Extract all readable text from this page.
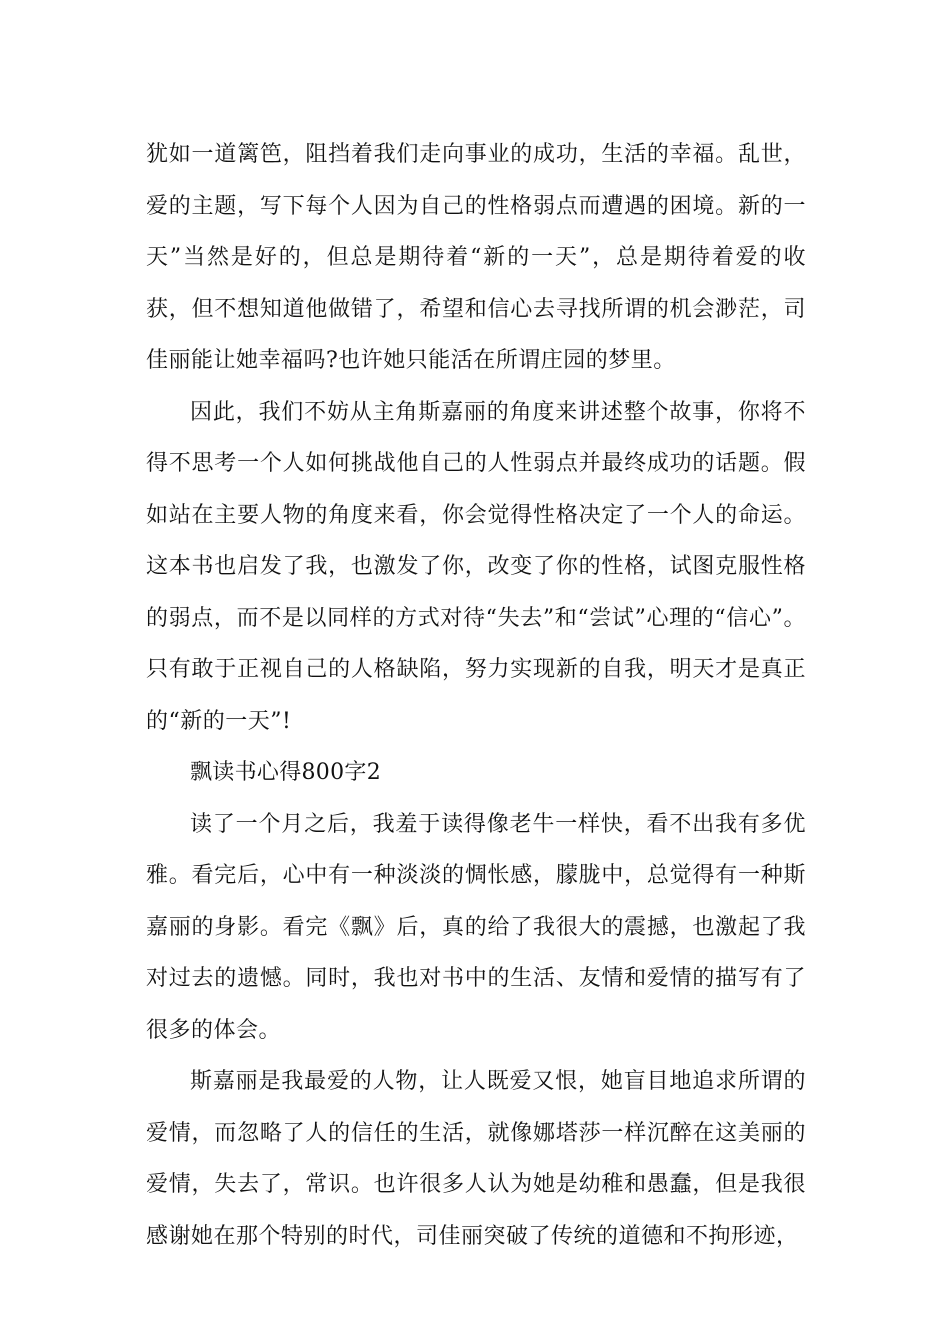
犹如一道篱笆，阻挡着我们走向事业的成功，生活的幸福。乱世，爱的主题，写下每个人因为自己的性格弱点而遭遇的困境。新的一天”当然是好的，但总是期待着“新的一天”，总是期待着爱的收获，但不想知道他做错了，希望和信心去寻找所谓的机会渺茫，司佳丽能让她幸福吗?也许她只能活在所谓庄园的梦里。

因此，我们不妨从主角斯嘉丽的角度来讲述整个故事，你将不得不思考一个人如何挑战他自己的人性弱点并最终成功的话题。假如站在主要人物的角度来看，你会觉得性格决定了一个人的命运。这本书也启发了我，也激发了你，改变了你的性格，试图克服性格的弱点，而不是以同样的方式对待“失去”和“尝试”心理的“信心”。只有敢于正视自己的人格缺陷，努力实现新的自我，明天才是真正的“新的一天”!

飘读书心得800字2

读了一个月之后，我羞于读得像老牛一样快，看不出我有多优雅。看完后，心中有一种淡淡的惆怅感，朦胧中，总觉得有一种斯嘉丽的身影。看完《飘》后，真的给了我很大的震撼，也激起了我对过去的遗憾。同时，我也对书中的生活、友情和爱情的描写有了很多的体会。

斯嘉丽是我最爱的人物，让人既爱又恨，她盲目地追求所谓的爱情，而忽略了人的信任的生活，就像娜塔莎一样沉醉在这美丽的爱情，失去了，常识。也许很多人认为她是幼稚和愚蠢，但是我很感谢她在那个特别的时代，司佳丽突破了传统的道德和不拘形迹，
